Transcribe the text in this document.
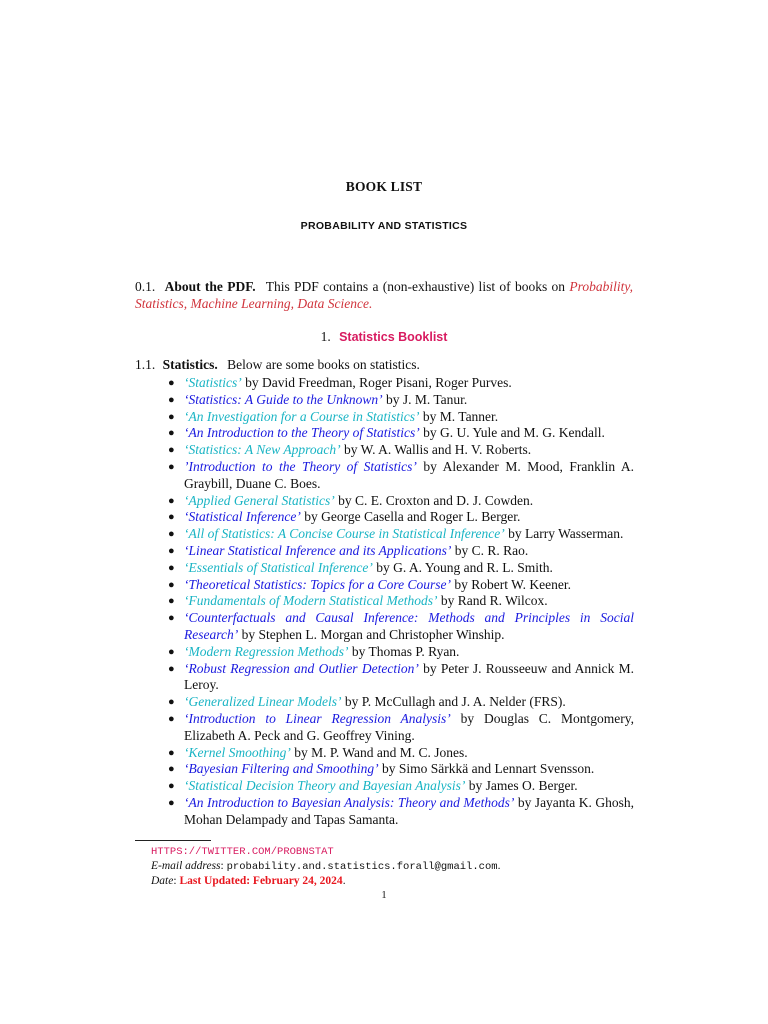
BOOK LIST
PROBABILITY AND STATISTICS
0.1. About the PDF. This PDF contains a (non-exhaustive) list of books on Probability, Statistics, Machine Learning, Data Science.
1. Statistics Booklist
1.1. Statistics. Below are some books on statistics.
● ‘Statistics’ by David Freedman, Roger Pisani, Roger Purves.
● ‘Statistics: A Guide to the Unknown’ by J. M. Tanur.
● ‘An Investigation for a Course in Statistics’ by M. Tanner.
● ‘An Introduction to the Theory of Statistics’ by G. U. Yule and M. G. Kendall.
● ‘Statistics: A New Approach’ by W. A. Wallis and H. V. Roberts.
● ’Introduction to the Theory of Statistics’ by Alexander M. Mood, Franklin A. Graybill, Duane C. Boes.
● ‘Applied General Statistics’ by C. E. Croxton and D. J. Cowden.
● ‘Statistical Inference’ by George Casella and Roger L. Berger.
● ‘All of Statistics: A Concise Course in Statistical Inference’ by Larry Wasserman.
● ‘Linear Statistical Inference and its Applications’ by C. R. Rao.
● ‘Essentials of Statistical Inference’ by G. A. Young and R. L. Smith.
● ‘Theoretical Statistics: Topics for a Core Course’ by Robert W. Keener.
● ‘Fundamentals of Modern Statistical Methods’ by Rand R. Wilcox.
● ‘Counterfactuals and Causal Inference: Methods and Principles in Social Research’ by Stephen L. Morgan and Christopher Winship.
● ‘Modern Regression Methods’ by Thomas P. Ryan.
● ‘Robust Regression and Outlier Detection’ by Peter J. Rousseeuw and Annick M. Leroy.
● ‘Generalized Linear Models’ by P. McCullagh and J. A. Nelder (FRS).
● ‘Introduction to Linear Regression Analysis’ by Douglas C. Montgomery, Elizabeth A. Peck and G. Geoffrey Vining.
● ‘Kernel Smoothing’ by M. P. Wand and M. C. Jones.
● ‘Bayesian Filtering and Smoothing’ by Simo Särkkä and Lennart Svensson.
● ‘Statistical Decision Theory and Bayesian Analysis’ by James O. Berger.
● ‘An Introduction to Bayesian Analysis: Theory and Methods’ by Jayanta K. Ghosh, Mohan Delampady and Tapas Samanta.
HTTPS://TWITTER.COM/PROBNSTAT
E-mail address: probability.and.statistics.forall@gmail.com.
Date: Last Updated: February 24, 2024.
1
